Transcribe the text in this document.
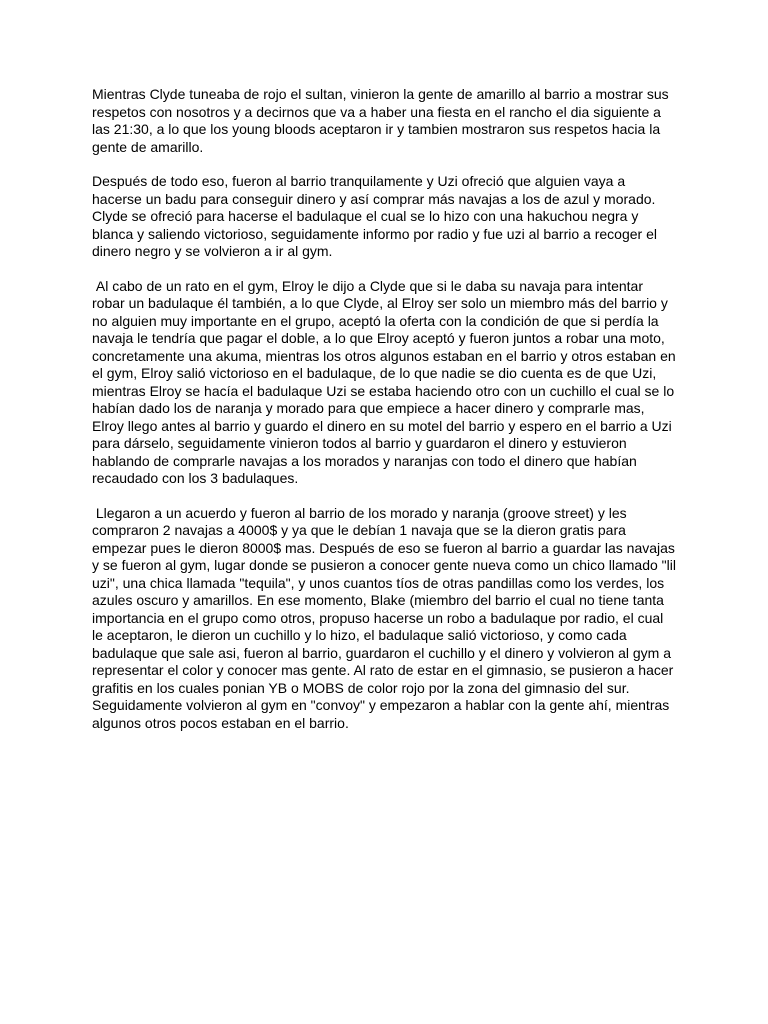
Mientras Clyde tuneaba de rojo el sultan, vinieron la gente de amarillo al barrio a mostrar sus respetos con nosotros y a decirnos que va a haber una fiesta en el rancho el dia siguiente a las 21:30, a lo que los young bloods aceptaron ir y tambien mostraron sus respetos hacia la gente de amarillo.

Después de todo eso, fueron al barrio tranquilamente y Uzi ofreció que alguien vaya a hacerse un badu para conseguir dinero y así comprar más navajas a los de azul y morado. Clyde se ofreció para hacerse el badulaque el cual se lo hizo con una hakuchou negra y blanca y saliendo victorioso, seguidamente informo por radio y fue uzi al barrio a recoger el dinero negro y se volvieron a ir al gym.

Al cabo de un rato en el gym, Elroy le dijo a Clyde que si le daba su navaja para intentar robar un badulaque él también, a lo que Clyde, al Elroy ser solo un miembro más del barrio y no alguien muy importante en el grupo, aceptó la oferta con la condición de que si perdía la navaja le tendría que pagar el doble, a lo que Elroy aceptó y fueron juntos a robar una moto, concretamente una akuma, mientras los otros algunos estaban en el barrio y otros estaban en el gym, Elroy salió victorioso en el badulaque, de lo que nadie se dio cuenta es de que Uzi, mientras Elroy se hacía el badulaque Uzi se estaba haciendo otro con un cuchillo el cual se lo habían dado los de naranja y morado para que empiece a hacer dinero y comprarle mas, Elroy llego antes al barrio y guardo el dinero en su motel del barrio y espero en el barrio a Uzi para dárselo, seguidamente vinieron todos al barrio y guardaron el dinero y estuvieron hablando de comprarle navajas a los morados y naranjas con todo el dinero que habían recaudado con los 3 badulaques.

Llegaron a un acuerdo y fueron al barrio de los morado y naranja (groove street) y les compraron 2 navajas a 4000$ y ya que le debían 1 navaja que se la dieron gratis para empezar pues le dieron 8000$ mas. Después de eso se fueron al barrio a guardar las navajas y se fueron al gym, lugar donde se pusieron a conocer gente nueva como un chico llamado "lil uzi", una chica llamada "tequila", y unos cuantos tíos de otras pandillas como los verdes, los azules oscuro y amarillos. En ese momento, Blake (miembro del barrio el cual no tiene tanta importancia en el grupo como otros, propuso hacerse un robo a badulaque por radio, el cual le aceptaron, le dieron un cuchillo y lo hizo, el badulaque salió victorioso, y como cada badulaque que sale asi, fueron al barrio, guardaron el cuchillo y el dinero y volvieron al gym a representar el color y conocer mas gente. Al rato de estar en el gimnasio, se pusieron a hacer grafitis en los cuales ponian YB o MOBS de color rojo por la zona del gimnasio del sur. Seguidamente volvieron al gym en "convoy" y empezaron a hablar con la gente ahí, mientras algunos otros pocos estaban en el barrio.
